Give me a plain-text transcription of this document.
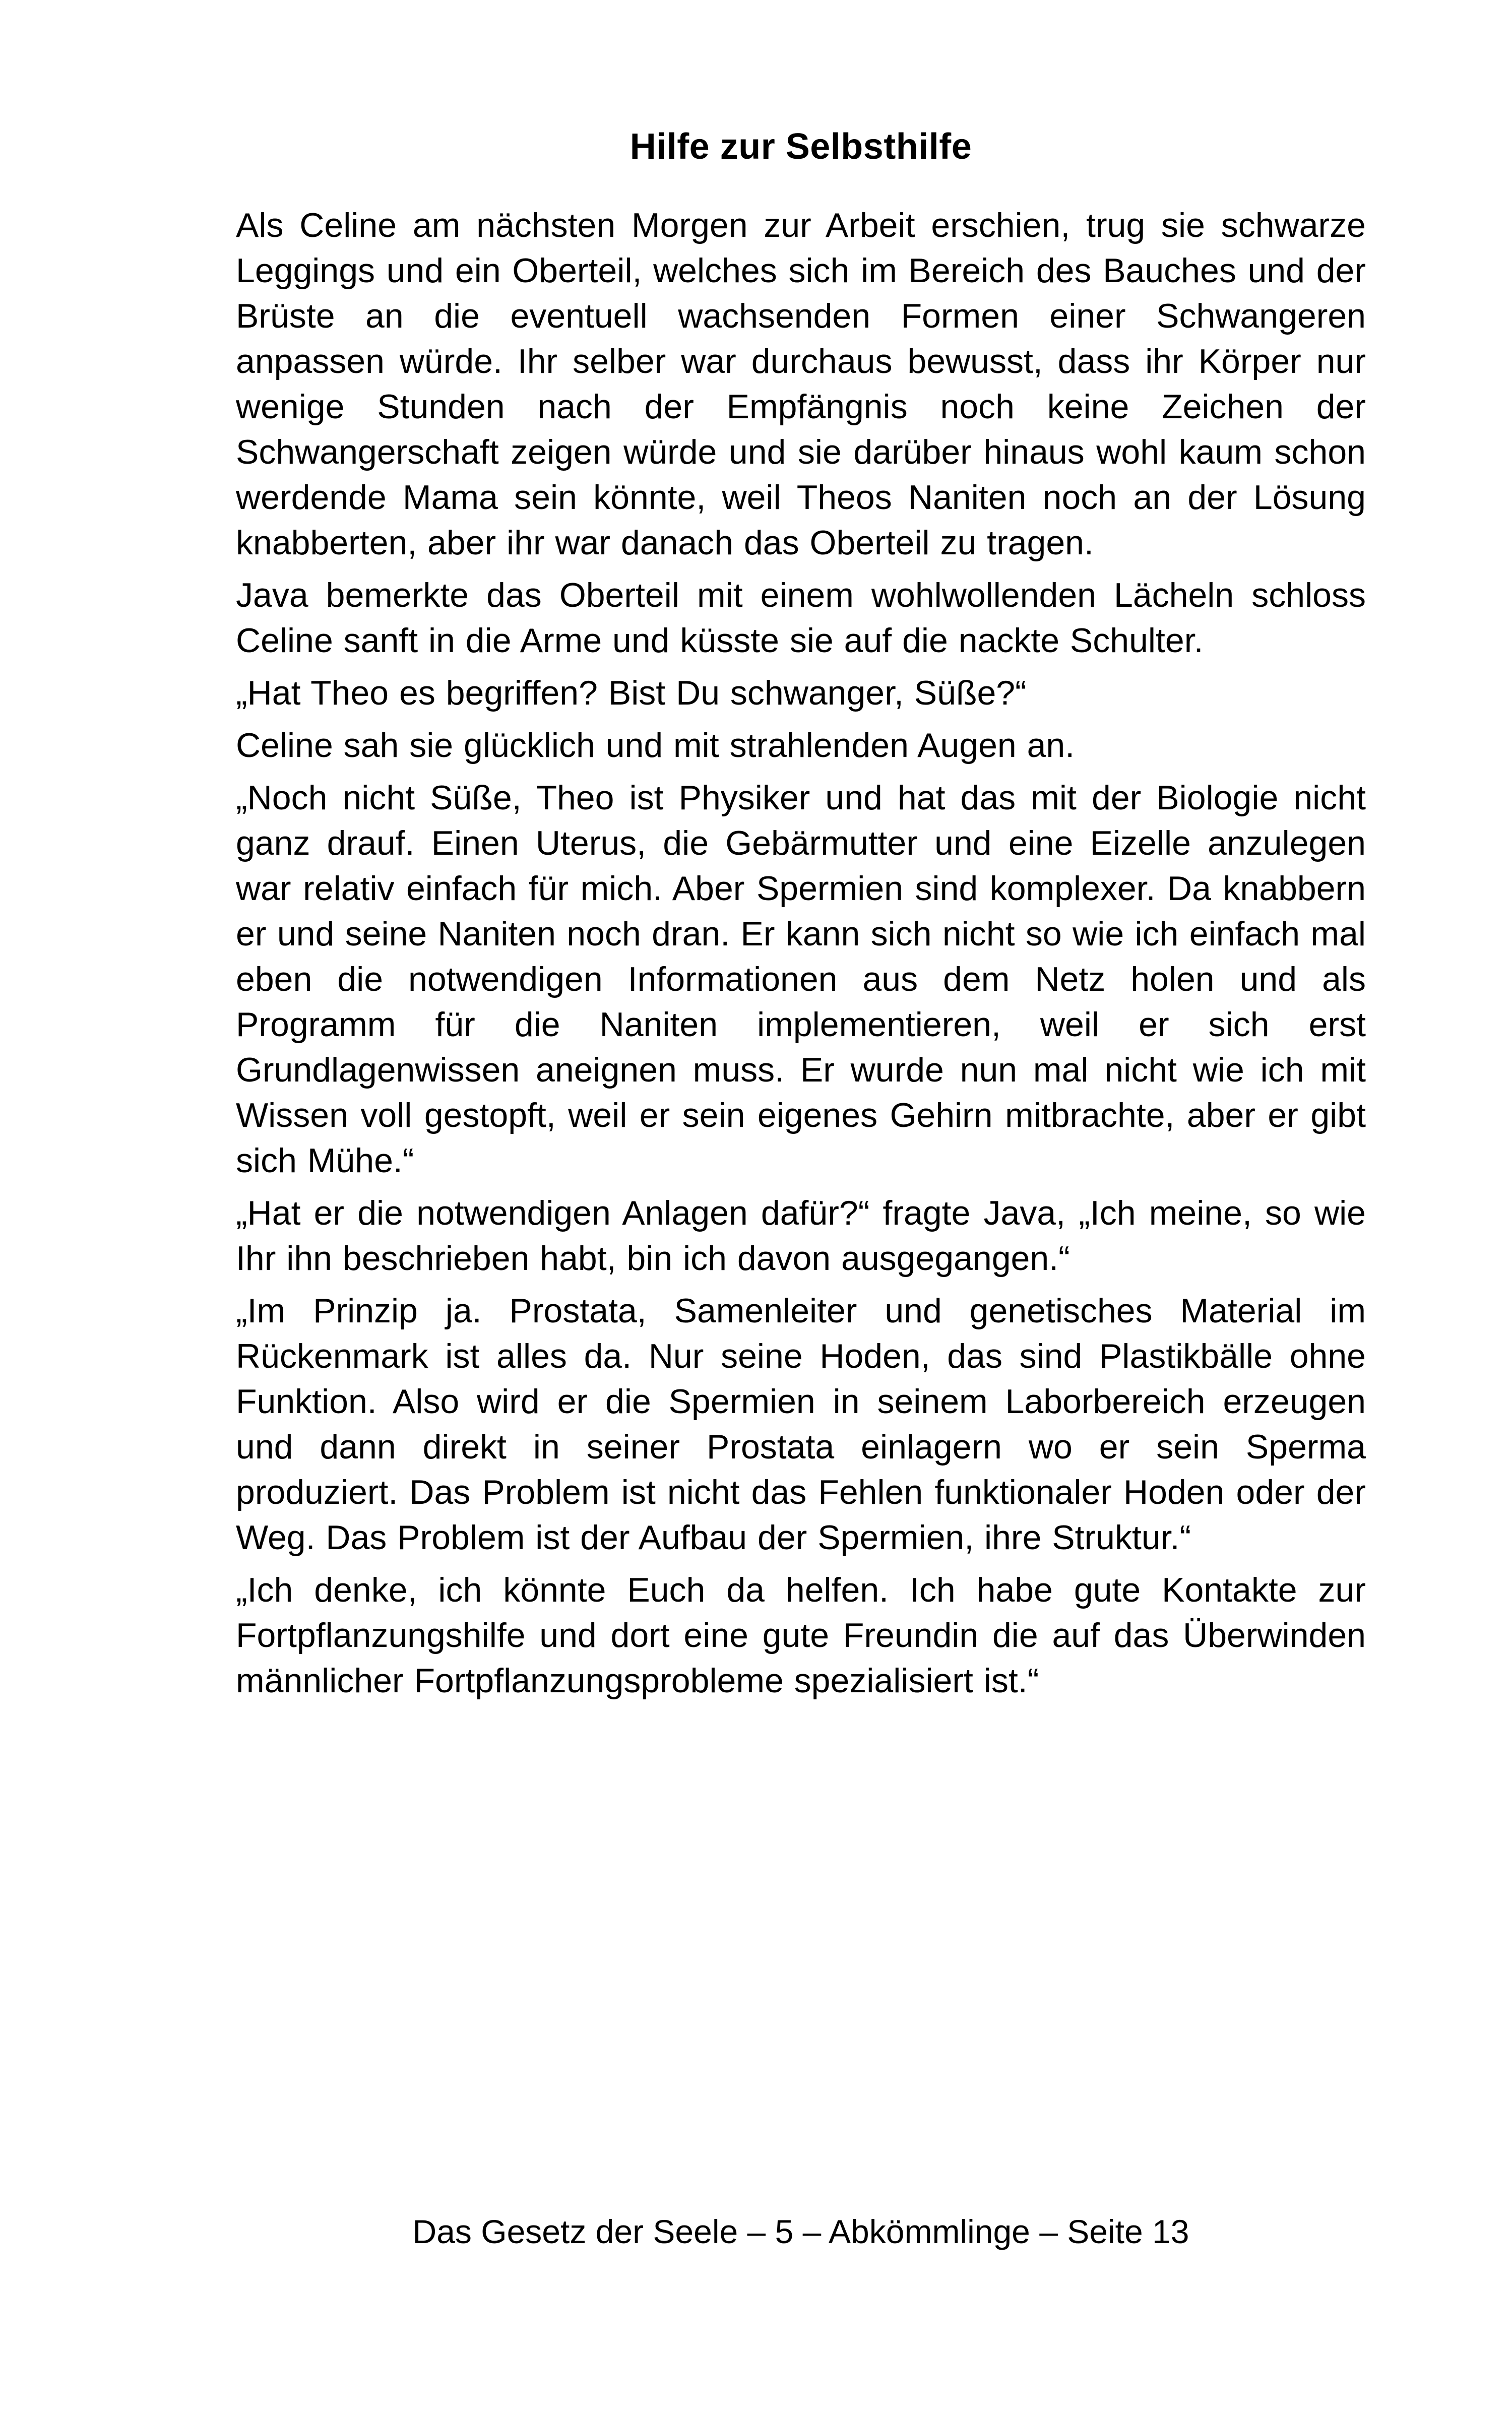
Hilfe zur Selbsthilfe

Als Celine am nächsten Morgen zur Arbeit erschien, trug sie schwarze Leggings und ein Oberteil, welches sich im Bereich des Bauches und der Brüste an die eventuell wachsenden Formen einer Schwangeren anpassen würde. Ihr selber war durchaus bewusst, dass ihr Körper nur wenige Stunden nach der Empfängnis noch keine Zeichen der Schwangerschaft zeigen würde und sie darüber hinaus wohl kaum schon werdende Mama sein könnte, weil Theos Naniten noch an der Lösung knabberten, aber ihr war danach das Oberteil zu tragen.

Java bemerkte das Oberteil mit einem wohlwollenden Lächeln schloss Celine sanft in die Arme und küsste sie auf die nackte Schulter.

„Hat Theo es begriffen? Bist Du schwanger, Süße?“

Celine sah sie glücklich und mit strahlenden Augen an.

„Noch nicht Süße, Theo ist Physiker und hat das mit der Biologie nicht ganz drauf. Einen Uterus, die Gebärmutter und eine Eizelle anzulegen war relativ einfach für mich. Aber Spermien sind komplexer. Da knabbern er und seine Naniten noch dran. Er kann sich nicht so wie ich einfach mal eben die notwendigen Informationen aus dem Netz holen und als Programm für die Naniten implementieren, weil er sich erst Grundlagenwissen aneignen muss. Er wurde nun mal nicht wie ich mit Wissen voll gestopft, weil er sein eigenes Gehirn mitbrachte, aber er gibt sich Mühe.“

„Hat er die notwendigen Anlagen dafür?“ fragte Java, „Ich meine, so wie Ihr ihn beschrieben habt, bin ich davon ausgegangen.“

„Im Prinzip ja. Prostata, Samenleiter und genetisches Material im Rückenmark ist alles da. Nur seine Hoden, das sind Plastikbälle ohne Funktion. Also wird er die Spermien in seinem Laborbereich erzeugen und dann direkt in seiner Prostata einlagern wo er sein Sperma produziert. Das Problem ist nicht das Fehlen funktionaler Hoden oder der Weg. Das Problem ist der Aufbau der Spermien, ihre Struktur.“

„Ich denke, ich könnte Euch da helfen. Ich habe gute Kontakte zur Fortpflanzungshilfe und dort eine gute Freundin die auf das Überwinden männlicher Fortpflanzungsprobleme spezialisiert ist.“

Das Gesetz der Seele – 5 – Abkömmlinge – Seite 13
